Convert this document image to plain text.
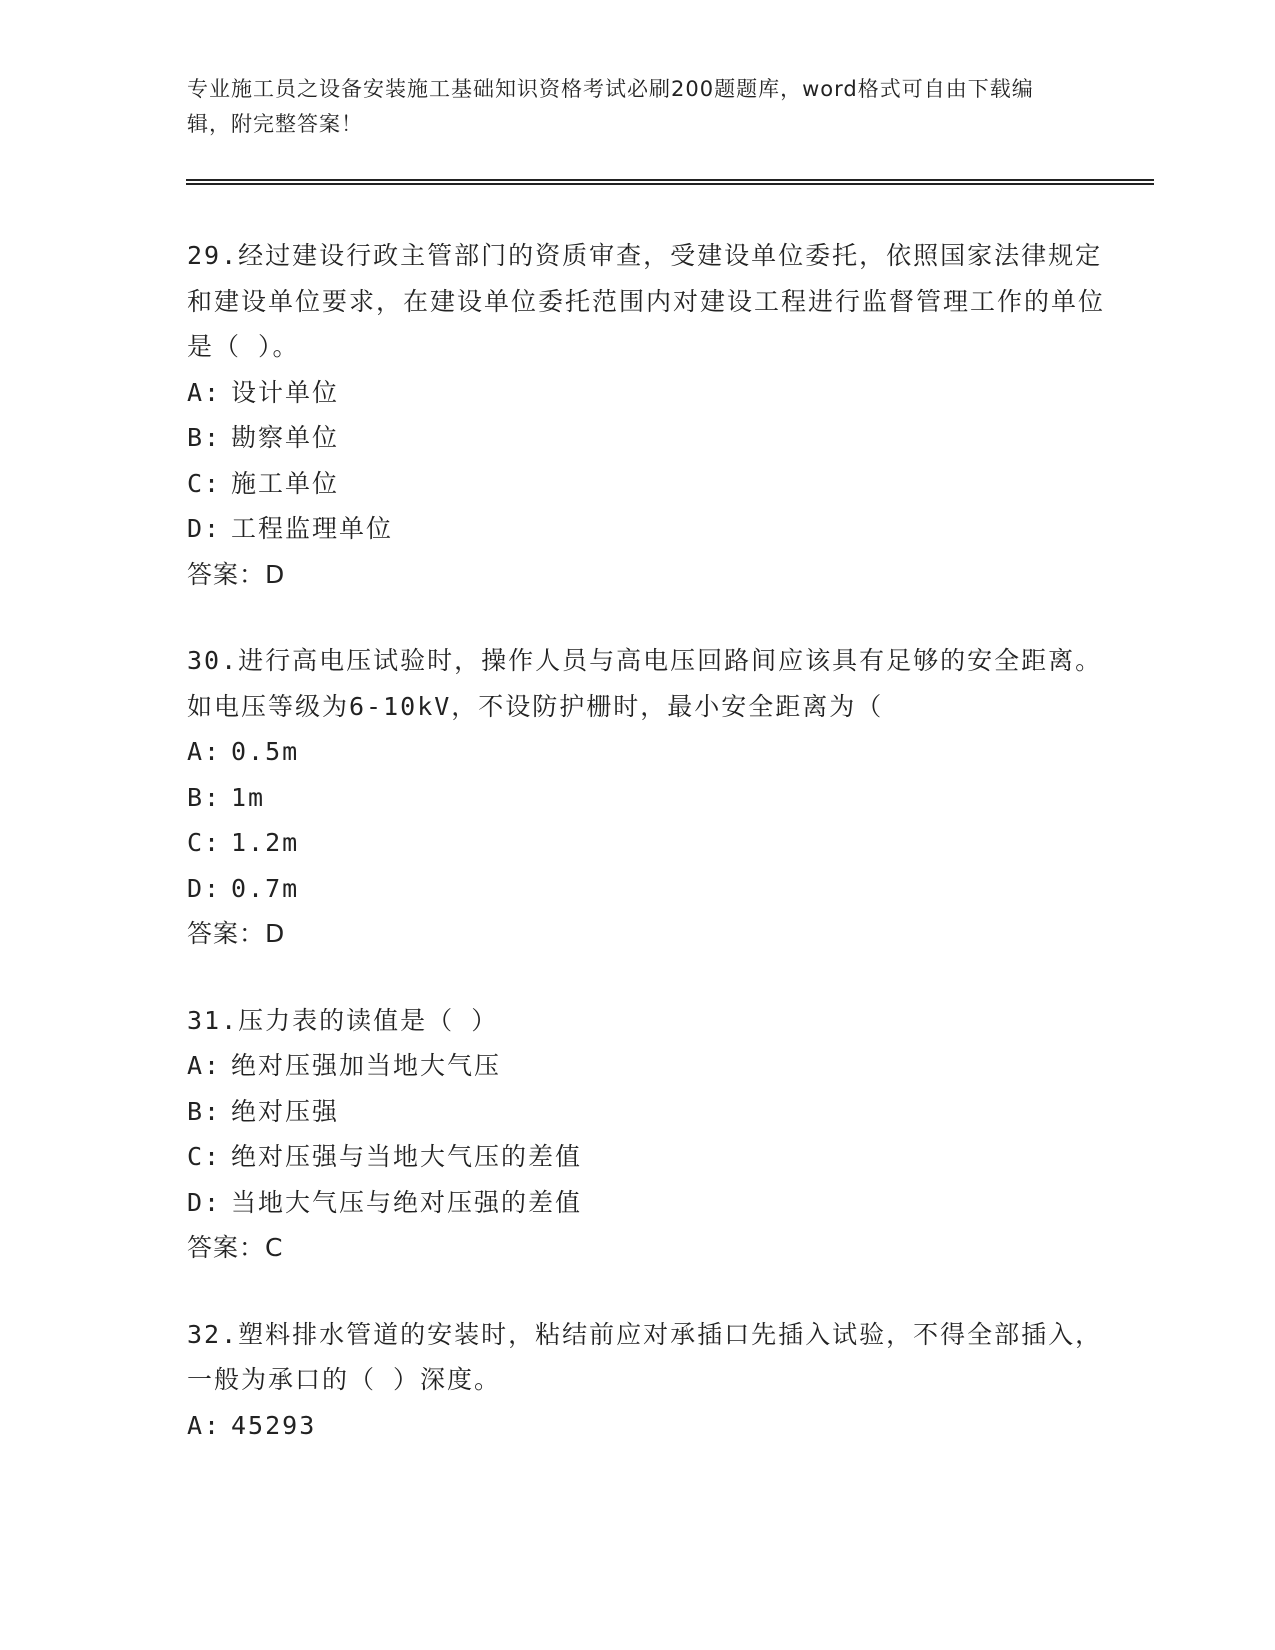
专业施工员之设备安装施工基础知识资格考试必刷200题题库，word格式可自由下载编辑，附完整答案！

29.经过建设行政主管部门的资质审查，受建设单位委托，依照国家法律规定和建设单位要求，在建设单位委托范围内对建设工程进行监督管理工作的单位是（ ）。

A: 设计单位
B: 勘察单位
C: 施工单位
D: 工程监理单位
答案：D

30.进行高电压试验时，操作人员与高电压回路间应该具有足够的安全距离。如电压等级为6-10kV，不设防护栅时，最小安全距离为（

A: 0.5m
B: 1m
C: 1.2m
D: 0.7m
答案：D

31.压力表的读值是（ ）

A: 绝对压强加当地大气压
B: 绝对压强
C: 绝对压强与当地大气压的差值
D: 当地大气压与绝对压强的差值
答案：C

32.塑料排水管道的安装时，粘结前应对承插口先插入试验，不得全部插入，一般为承口的（ ）深度。

A: 45293
